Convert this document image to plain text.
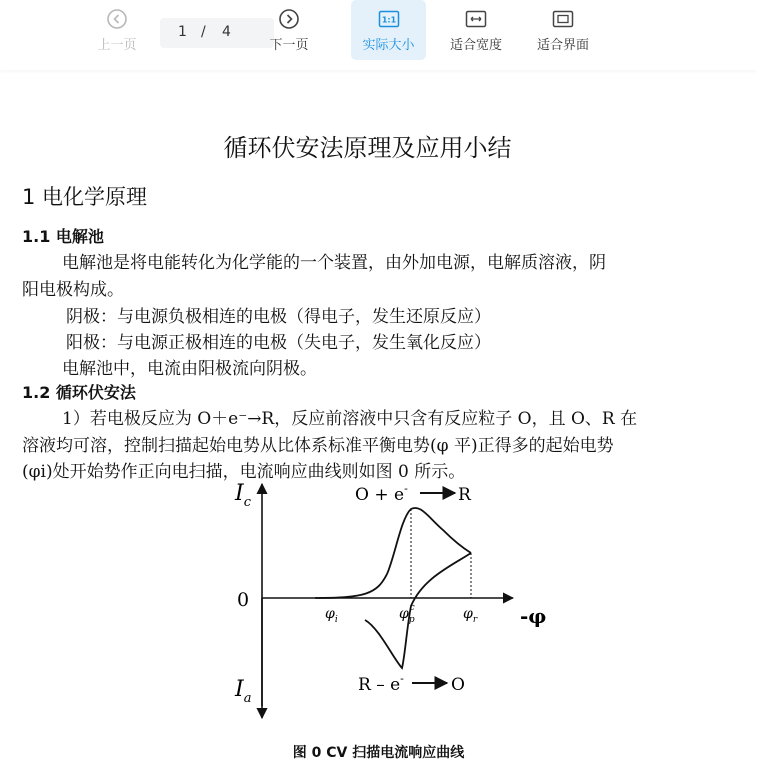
上一页
1 / 4
下一页
1:1
实际大小	适合宽度	适合界面
循环伏安法原理及应用小结
1 电化学原理
1.1 电解池
电解池是将电能转化为化学能的一个装置，由外加电源，电解质溶液，阴
阳电极构成。
阴极：与电源负极相连的电极（得电子，发生还原反应）
阳极：与电源正极相连的电极（失电子，发生氧化反应）
电解池中，电流由阳极流向阴极。
1.2 循环伏安法
1）若电极反应为 O＋e⁻→R，反应前溶液中只含有反应粒子 O，且 O、R 在
溶液均可溶，控制扫描起始电势从比体系标准平衡电势(φ 平)正得多的起始电势
(φi)处开始势作正向电扫描，电流响应曲线则如图 0 所示。
$I_c$
$I_a$
0
-φ
$\varphi_i$	$\varphi_pc$	$\varphi_r$
O + e-	R
R – e-	O
图 0 CV 扫描电流响应曲线
